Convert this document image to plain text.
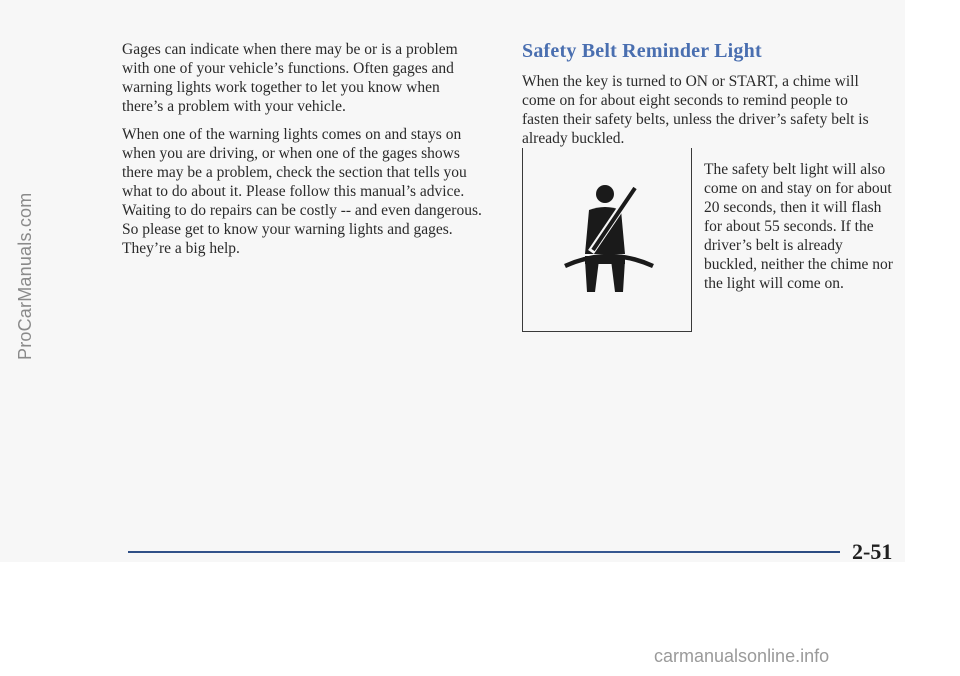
ProCarManuals.com

Gages can indicate when there may be or is a problem with one of your vehicle’s functions. Often gages and warning lights work together to let you know when there’s a problem with your vehicle.

When one of the warning lights comes on and stays on when you are driving, or when one of the gages shows there may be a problem, check the section that tells you what to do about it. Please follow this manual’s advice. Waiting to do repairs can be costly -- and even dangerous. So please get to know your warning lights and gages. They’re a big help.

Safety Belt Reminder Light

When the key is turned to ON or START, a chime will come on for about eight seconds to remind people to fasten their safety belts, unless the driver’s safety belt is already buckled.

The safety belt light will also come on and stay on for about 20 seconds, then it will flash for about 55 seconds. If the driver’s belt is already buckled, neither the chime nor the light will come on.
2-51
carmanualsonline.info
